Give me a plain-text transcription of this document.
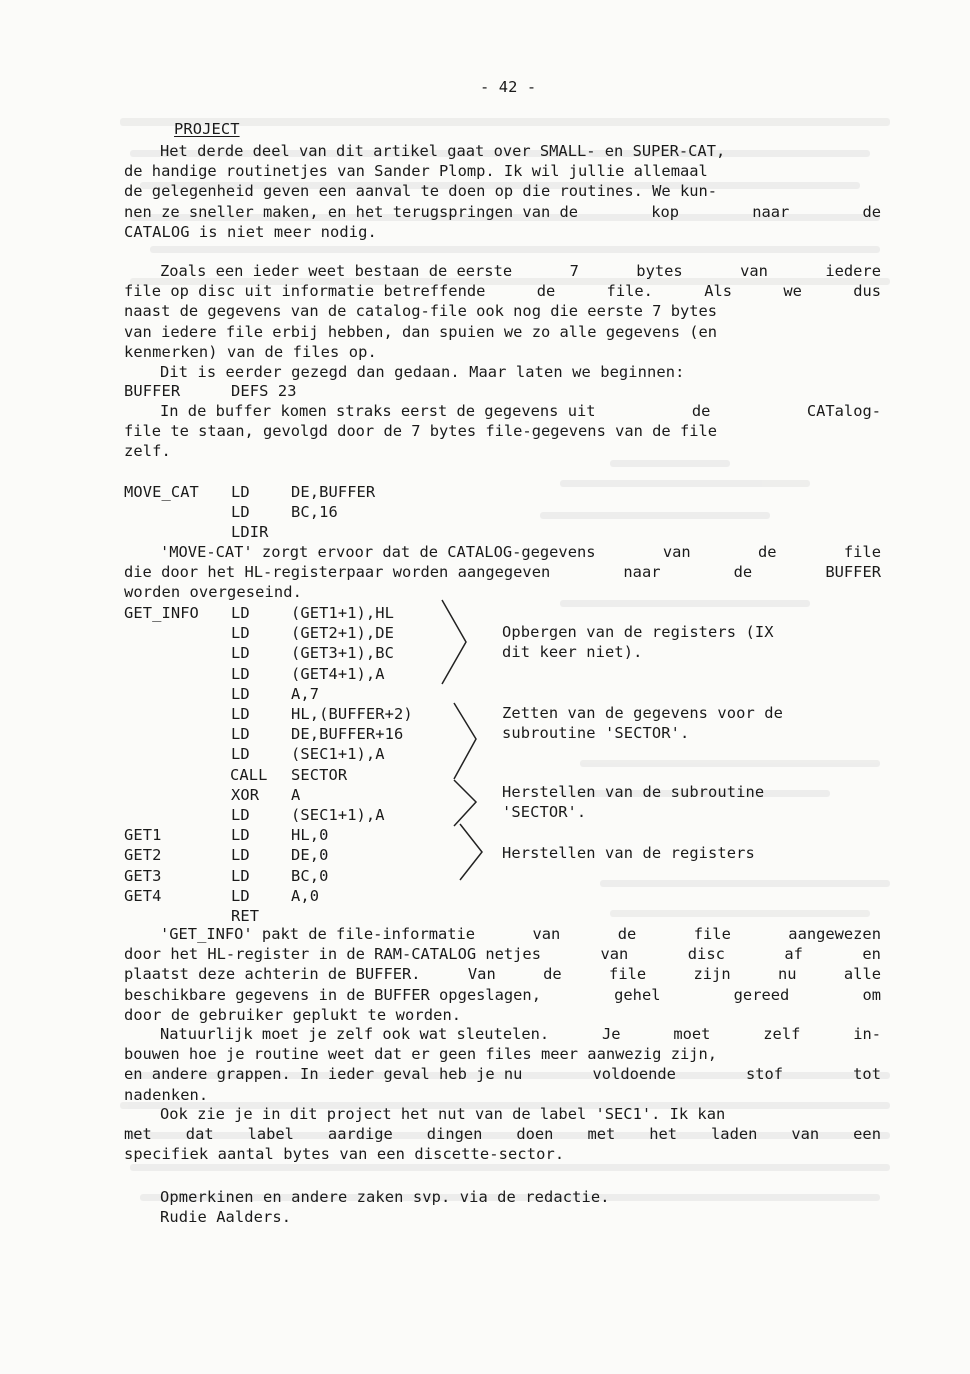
- 42 -
PROJECT
Het derde deel van dit artikel gaat over SMALL- en SUPER-CAT,
de handige routinetjes van Sander Plomp. Ik wil jullie allemaal
de gelegenheid geven een aanval te doen op die routines. We kun-
nen ze sneller maken, en het terugspringen van de	kop	naar	de
CATALOG is niet meer nodig.
Zoals een ieder weet bestaan de eerste	7	bytes	van	iedere
file op disc uit informatie betreffende	de	file.	Als	we	dus
naast de gegevens van de catalog-file ook nog die eerste 7 bytes
van iedere file erbij hebben, dan spuien we zo alle gegevens (en
kenmerken) van de files op.
Dit is eerder gezegd dan gedaan. Maar laten we beginnen:
In de buffer komen straks eerst de gegevens uit	de	CATalog-
file te staan, gevolgd door de 7 bytes file-gegevens van de file
zelf.
'MOVE-CAT' zorgt ervoor dat de CATALOG-gegevens	van	de	file
die door het HL-registerpaar worden aangegeven	naar	de	BUFFER
worden overgeseind.
'GET_INFO' pakt de file-informatie	van	de	file	aangewezen
door het HL-register in de RAM-CATALOG netjes	van	disc	af	en
plaatst deze achterin de BUFFER.	Van	de	file	zijn	nu	alle
beschikbare gegevens in de BUFFER opgeslagen,	gehel	gereed	om
door de gebruiker geplukt te worden.
Natuurlijk moet je zelf ook wat sleutelen.	Je	moet	zelf	in-
bouwen hoe je routine weet dat er geen files meer aanwezig zijn,
en andere grappen. In ieder geval heb je nu	voldoende	stof	tot
nadenken.
Ook zie je in dit project het nut van de label 'SEC1'. Ik kan
met dat label aardige dingen doen met het laden van een
specifiek aantal bytes van een discette-sector.
Opmerkinen en andere zaken svp. via de redactie.
Rudie Aalders.
BUFFER	DEFS 23
MOVE_CAT LD	DE,BUFFER
LD	BC,16
LDIR
GET_INFO LD	(GET1+1),HL
LD	(GET2+1),DE
LD	(GET3+1),BC
LD	(GET4+1),A
LD	A,7
LD	HL,(BUFFER+2)
LD	DE,BUFFER+16
LD	(SEC1+1),A
CALL SECTOR
XOR A
LD	(SEC1+1),A
GET1	LD	HL,0
GET2	LD	DE,0
GET3	LD	BC,0
GET4	LD	A,0
RET
Opbergen van de registers (IX
dit keer niet).
Zetten van de gegevens voor de
subroutine 'SECTOR'.
Herstellen van de subroutine
'SECTOR'.
Herstellen van de registers
